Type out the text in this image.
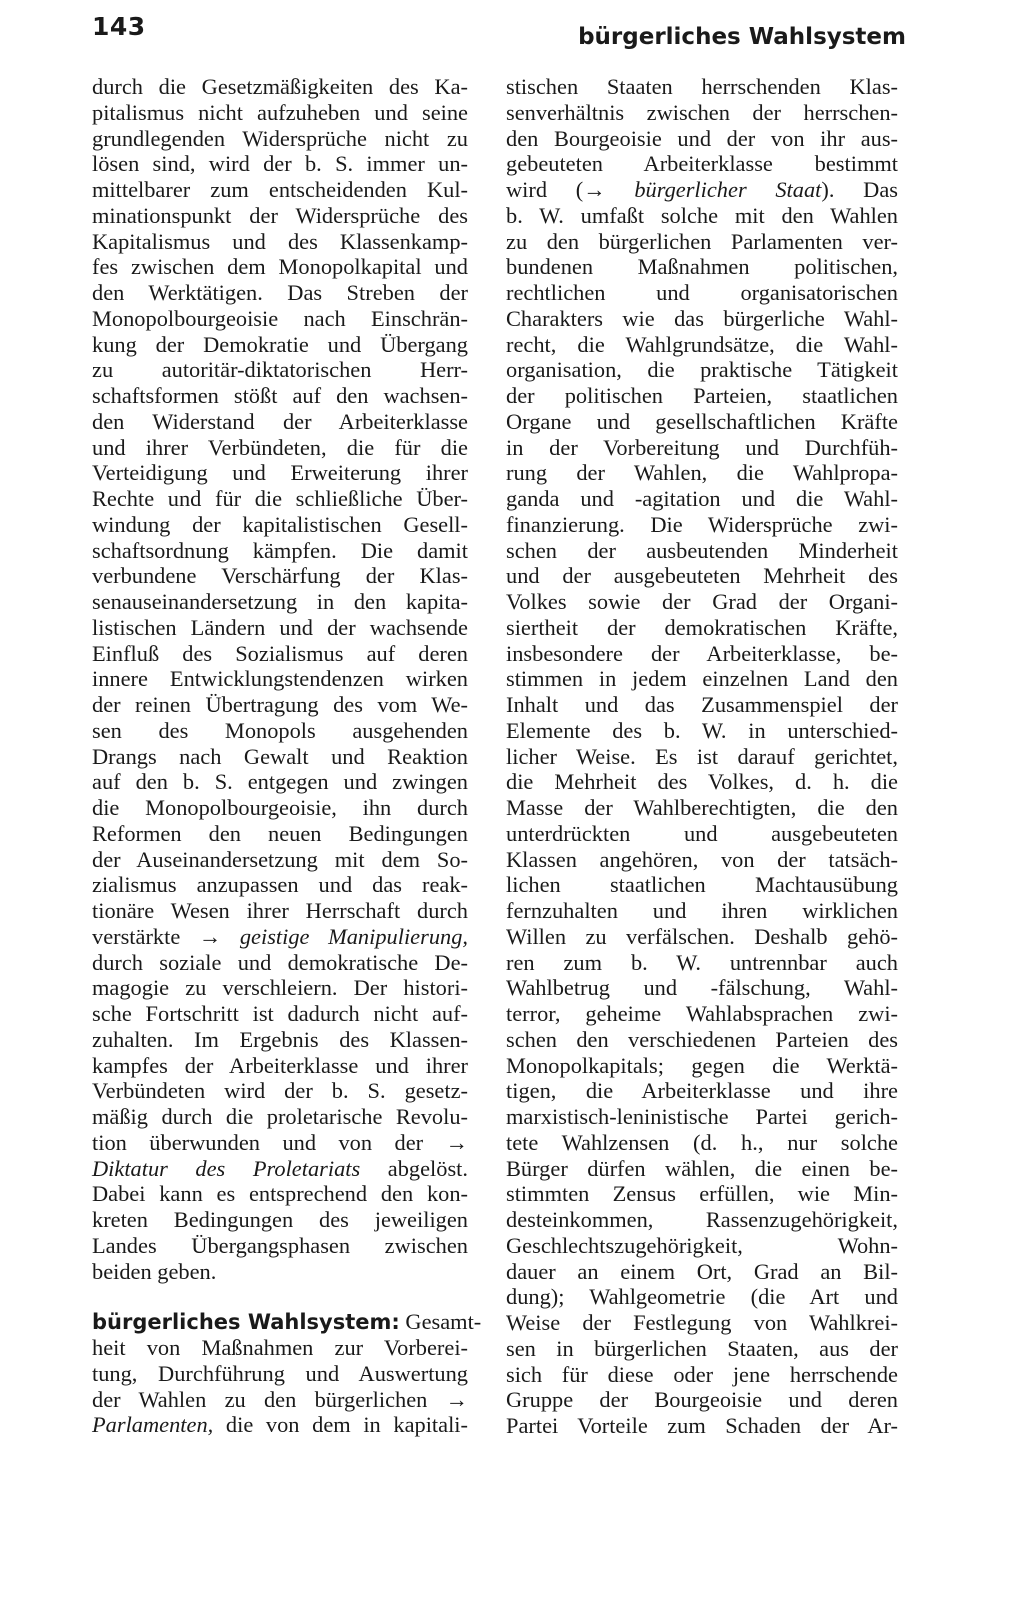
143	bürgerliches Wahlsystem
durch die Gesetzmäßigkeiten des Ka-
pitalismus nicht aufzuheben und seine
grundlegenden Widersprüche nicht zu
lösen sind, wird der b. S. immer un-
mittelbarer zum entscheidenden Kul-
minationspunkt der Widersprüche des
Kapitalismus und des Klassenkamp-
fes zwischen dem Monopolkapital und
den Werktätigen. Das Streben der
Monopolbourgeoisie nach Einschrän-
kung der Demokratie und Übergang
zu autoritär-diktatorischen Herr-
schaftsformen stößt auf den wachsen-
den Widerstand der Arbeiterklasse
und ihrer Verbündeten, die für die
Verteidigung und Erweiterung ihrer
Rechte und für die schließliche Über-
windung der kapitalistischen Gesell-
schaftsordnung kämpfen. Die damit
verbundene Verschärfung der Klas-
senauseinandersetzung in den kapita-
listischen Ländern und der wachsende
Einfluß des Sozialismus auf deren
innere Entwicklungstendenzen wirken
der reinen Übertragung des vom We-
sen des Monopols ausgehenden
Drangs nach Gewalt und Reaktion
auf den b. S. entgegen und zwingen
die Monopolbourgeoisie, ihn durch
Reformen den neuen Bedingungen
der Auseinandersetzung mit dem So-
zialismus anzupassen und das reak-
tionäre Wesen ihrer Herrschaft durch
verstärkte → geistige Manipulierung,
durch soziale und demokratische De-
magogie zu verschleiern. Der histori-
sche Fortschritt ist dadurch nicht auf-
zuhalten. Im Ergebnis des Klassen-
kampfes der Arbeiterklasse und ihrer
Verbündeten wird der b. S. gesetz-
mäßig durch die proletarische Revolu-
tion überwunden und von der →
Diktatur des Proletariats abgelöst.
Dabei kann es entsprechend den kon-
kreten Bedingungen des jeweiligen
Landes Übergangsphasen zwischen
beiden geben.
bürgerliches Wahlsystem: Gesamt-
heit von Maßnahmen zur Vorberei-
tung, Durchführung und Auswertung
der Wahlen zu den bürgerlichen →
Parlamenten, die von dem in kapitali-
stischen Staaten herrschenden Klas-
senverhältnis zwischen der herrschen-
den Bourgeoisie und der von ihr aus-
gebeuteten Arbeiterklasse bestimmt
wird (→ bürgerlicher Staat). Das
b. W. umfaßt solche mit den Wahlen
zu den bürgerlichen Parlamenten ver-
bundenen Maßnahmen politischen,
rechtlichen und organisatorischen
Charakters wie das bürgerliche Wahl-
recht, die Wahlgrundsätze, die Wahl-
organisation, die praktische Tätigkeit
der politischen Parteien, staatlichen
Organe und gesellschaftlichen Kräfte
in der Vorbereitung und Durchfüh-
rung der Wahlen, die Wahlpropa-
ganda und -agitation und die Wahl-
finanzierung. Die Widersprüche zwi-
schen der ausbeutenden Minderheit
und der ausgebeuteten Mehrheit des
Volkes sowie der Grad der Organi-
siertheit der demokratischen Kräfte,
insbesondere der Arbeiterklasse, be-
stimmen in jedem einzelnen Land den
Inhalt und das Zusammenspiel der
Elemente des b. W. in unterschied-
licher Weise. Es ist darauf gerichtet,
die Mehrheit des Volkes, d. h. die
Masse der Wahlberechtigten, die den
unterdrückten und ausgebeuteten
Klassen angehören, von der tatsäch-
lichen staatlichen Machtausübung
fernzuhalten und ihren wirklichen
Willen zu verfälschen. Deshalb gehö-
ren zum b. W. untrennbar auch
Wahlbetrug und -fälschung, Wahl-
terror, geheime Wahlabsprachen zwi-
schen den verschiedenen Parteien des
Monopolkapitals; gegen die Werktä-
tigen, die Arbeiterklasse und ihre
marxistisch-leninistische Partei gerich-
tete Wahlzensen (d. h., nur solche
Bürger dürfen wählen, die einen be-
stimmten Zensus erfüllen, wie Min-
desteinkommen, Rassenzugehörigkeit,
Geschlechtszugehörigkeit, Wohn-
dauer an einem Ort, Grad an Bil-
dung); Wahlgeometrie (die Art und
Weise der Festlegung von Wahlkrei-
sen in bürgerlichen Staaten, aus der
sich für diese oder jene herrschende
Gruppe der Bourgeoisie und deren
Partei Vorteile zum Schaden der Ar-
